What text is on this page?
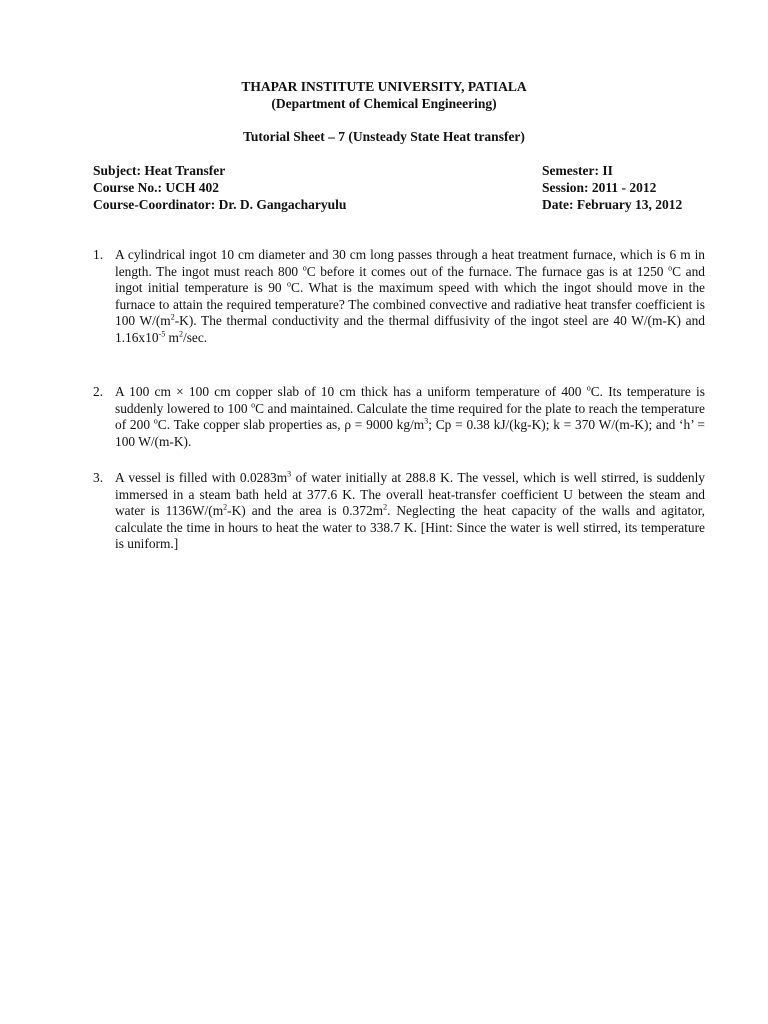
THAPAR INSTITUTE UNIVERSITY, PATIALA
(Department of Chemical Engineering)
Tutorial Sheet – 7 (Unsteady State Heat transfer)
Subject: Heat Transfer	Semester: II
Course No.: UCH 402	Session: 2011 - 2012
Course-Coordinator: Dr. D. Gangacharyulu	Date: February 13, 2012
1. A cylindrical ingot 10 cm diameter and 30 cm long passes through a heat treatment furnace, which is 6 m in length. The ingot must reach 800 $^o$C before it comes out of the furnace. The furnace gas is at 1250 $^o$C and ingot initial temperature is 90 $^o$C. What is the maximum speed with which the ingot should move in the furnace to attain the required temperature? The combined convective and radiative heat transfer coefficient is 100 $W/(m^2-K)$. The thermal conductivity and the thermal diffusivity of the ingot steel are 40 W/(m-K) and $1.16x10^{-5}$ $m^2/\sec$.
2. A 100 cm × 100 cm copper slab of 10 cm thick has a uniform temperature of 400 $^o$C. Its temperature is suddenly lowered to 100 $^o$C and maintained. Calculate the time required for the plate to reach the temperature of 200 $^o$C. Take copper slab properties as, ρ = 9000 $kg/m^3$; Cp = 0.38 kJ/(kg-K); k = 370 W/(m-K); and ‘h’ = 100 W/(m-K).
3. A vessel is filled with $0.0283m^3$ of water initially at 288.8 K. The vessel, which is well stirred, is suddenly immersed in a steam bath held at 377.6 K. The overall heat-transfer coefficient U between the steam and water is $1136W/(m^2-K)$ and the area is $0.372m^2$. Neglecting the heat capacity of the walls and agitator, calculate the time in hours to heat the water to 338.7 K. [Hint: Since the water is well stirred, its temperature is uniform.]
